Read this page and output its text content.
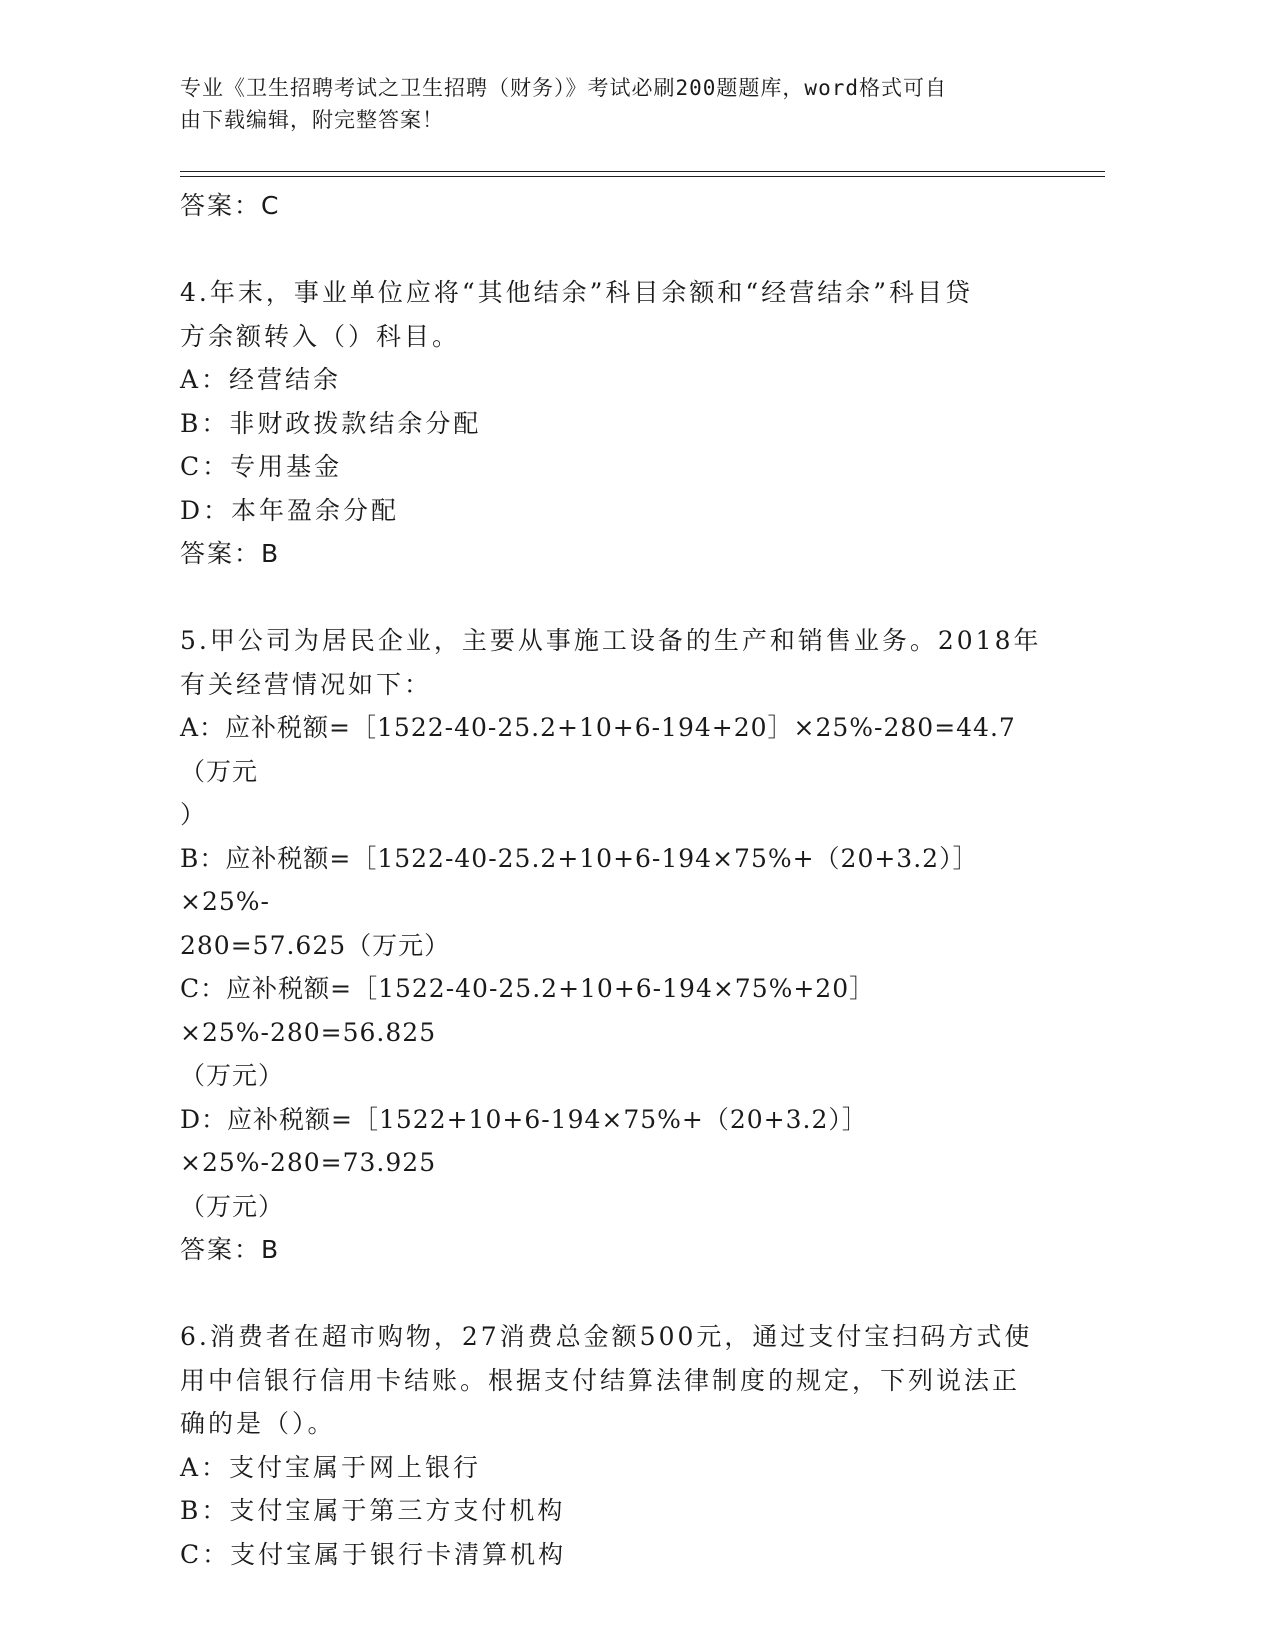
专业《卫生招聘考试之卫生招聘（财务）》考试必刷200题题库，word格式可自
由下载编辑，附完整答案！
答案：C
4.年末，事业单位应将“其他结余”科目余额和“经营结余”科目贷
方余额转入（）科目。
A：经营结余
B：非财政拨款结余分配
C：专用基金
D：本年盈余分配
答案：B
5.甲公司为居民企业，主要从事施工设备的生产和销售业务。2018年
有关经营情况如下：
A：应补税额=［1522-40-25.2+10+6-194+20］×25%-280=44.7（万元
）
B：应补税额=［1522-40-25.2+10+6-194×75%+（20+3.2）］×25%-
280=57.625（万元）
C：应补税额=［1522-40-25.2+10+6-194×75%+20］×25%-280=56.825
（万元）
D：应补税额=［1522+10+6-194×75%+（20+3.2）］×25%-280=73.925
（万元）
答案：B
6.消费者在超市购物，27消费总金额500元，通过支付宝扫码方式使
用中信银行信用卡结账。根据支付结算法律制度的规定，下列说法正
确的是（）。
A：支付宝属于网上银行
B：支付宝属于第三方支付机构
C：支付宝属于银行卡清算机构
